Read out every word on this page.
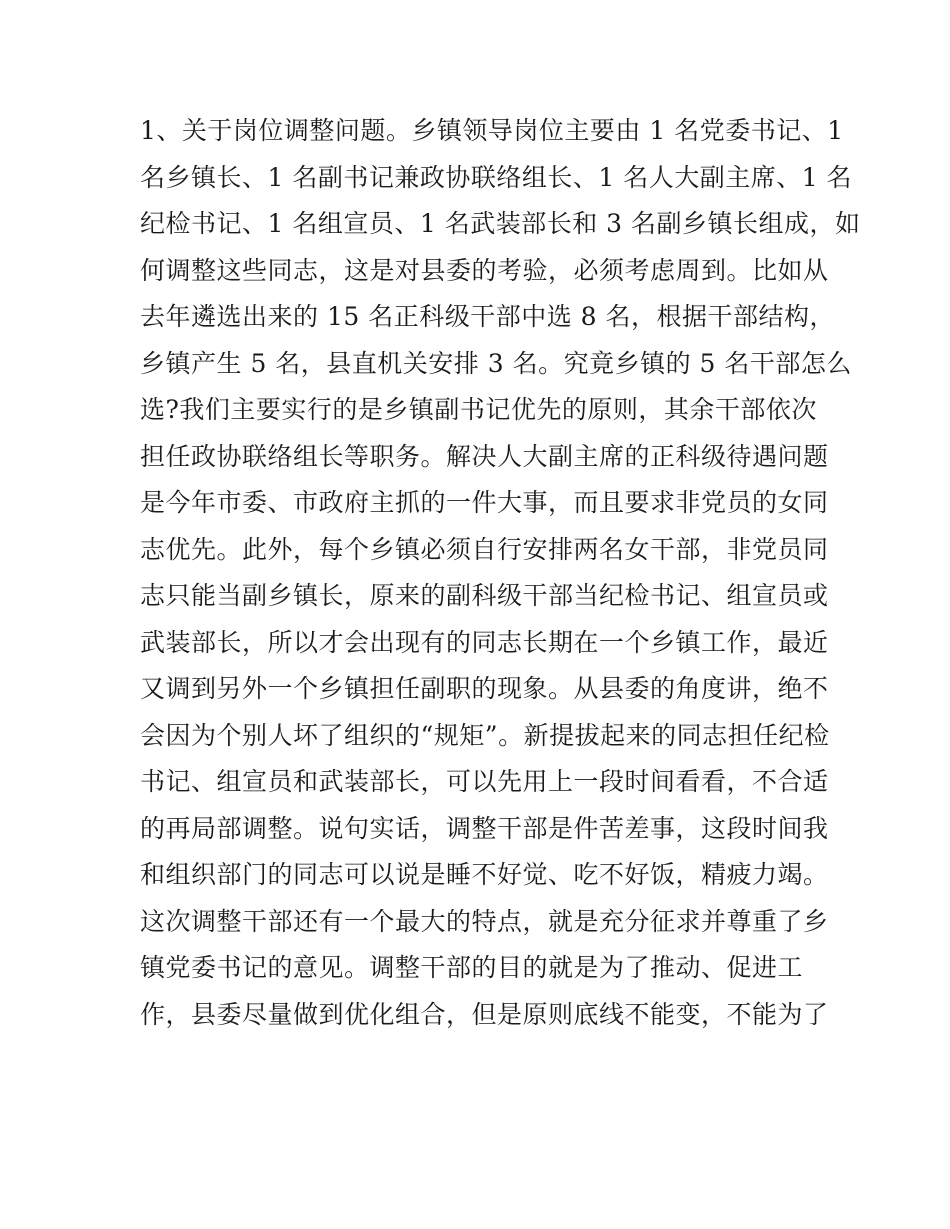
1、关于岗位调整问题。乡镇领导岗位主要由 1 名党委书记、1
名乡镇长、1 名副书记兼政协联络组长、1 名人大副主席、1 名
纪检书记、1 名组宣员、1 名武装部长和 3 名副乡镇长组成，如
何调整这些同志，这是对县委的考验，必须考虑周到。比如从
去年遴选出来的 15 名正科级干部中选 8 名，根据干部结构，
乡镇产生 5 名，县直机关安排 3 名。究竟乡镇的 5 名干部怎么
选?我们主要实行的是乡镇副书记优先的原则，其余干部依次
担任政协联络组长等职务。解决人大副主席的正科级待遇问题
是今年市委、市政府主抓的一件大事，而且要求非党员的女同
志优先。此外，每个乡镇必须自行安排两名女干部，非党员同
志只能当副乡镇长，原来的副科级干部当纪检书记、组宣员或
武装部长，所以才会出现有的同志长期在一个乡镇工作，最近
又调到另外一个乡镇担任副职的现象。从县委的角度讲，绝不
会因为个别人坏了组织的“规矩”。新提拔起来的同志担任纪检
书记、组宣员和武装部长，可以先用上一段时间看看，不合适
的再局部调整。说句实话，调整干部是件苦差事，这段时间我
和组织部门的同志可以说是睡不好觉、吃不好饭，精疲力竭。
这次调整干部还有一个最大的特点，就是充分征求并尊重了乡
镇党委书记的意见。调整干部的目的就是为了推动、促进工
作，县委尽量做到优化组合，但是原则底线不能变，不能为了
